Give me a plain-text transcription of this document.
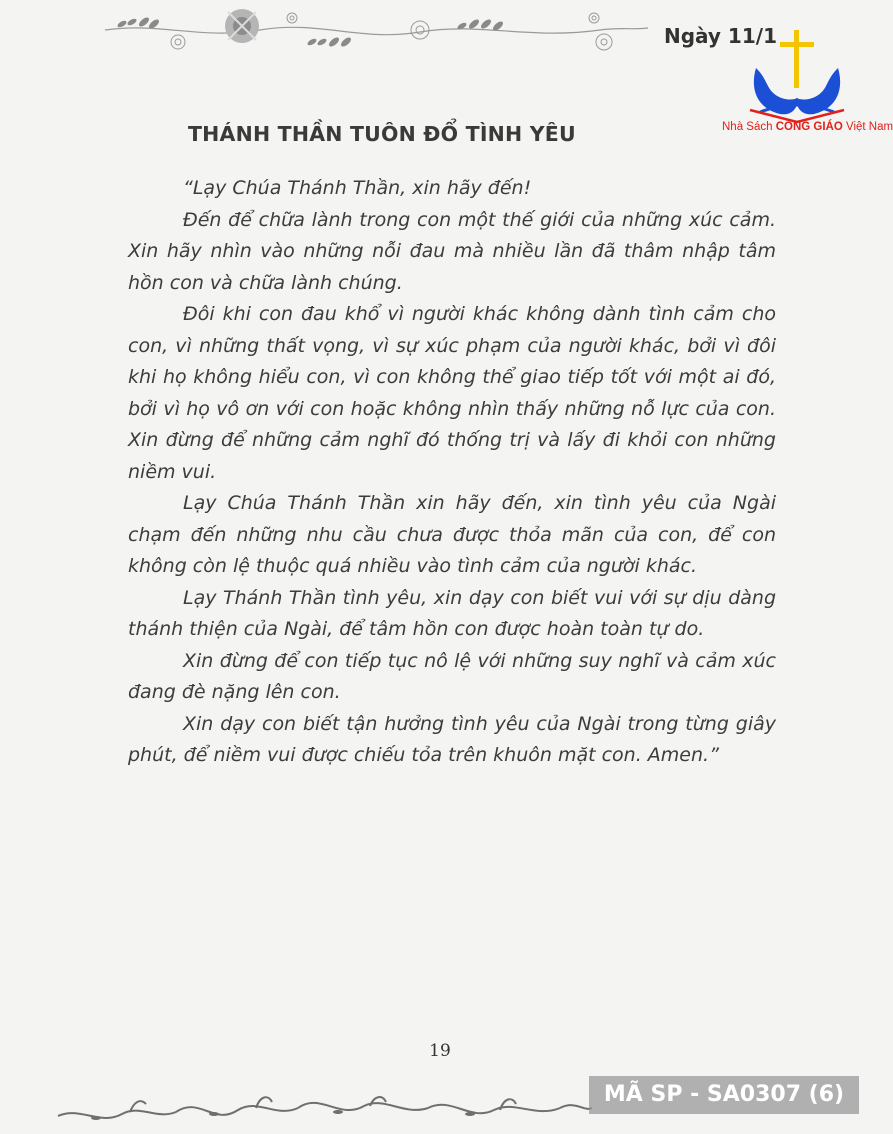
Ngày 11/1
Nhà Sách CÔNG GIÁO Việt Nam
THÁNH THẦN TUÔN ĐỔ TÌNH YÊU

“Lạy Chúa Thánh Thần, xin hãy đến!

Đến để chữa lành trong con một thế giới của những xúc cảm. Xin hãy nhìn vào những nỗi đau mà nhiều lần đã thâm nhập tâm hồn con và chữa lành chúng.

Đôi khi con đau khổ vì người khác không dành tình cảm cho con, vì những thất vọng, vì sự xúc phạm của người khác, bởi vì đôi khi họ không hiểu con, vì con không thể giao tiếp tốt với một ai đó, bởi vì họ vô ơn với con hoặc không nhìn thấy những nỗ lực của con. Xin đừng để những cảm nghĩ đó thống trị và lấy đi khỏi con những niềm vui.

Lạy Chúa Thánh Thần xin hãy đến, xin tình yêu của Ngài chạm đến những nhu cầu chưa được thỏa mãn của con, để con không còn lệ thuộc quá nhiều vào tình cảm của người khác.

Lạy Thánh Thần tình yêu, xin dạy con biết vui với sự dịu dàng thánh thiện của Ngài, để tâm hồn con được hoàn toàn tự do.

Xin đừng để con tiếp tục nô lệ với những suy nghĩ và cảm xúc đang đè nặng lên con.

Xin dạy con biết tận hưởng tình yêu của Ngài trong từng giây phút, để niềm vui được chiếu tỏa trên khuôn mặt con. Amen.”

19
MÃ SP - SA0307 (6)
